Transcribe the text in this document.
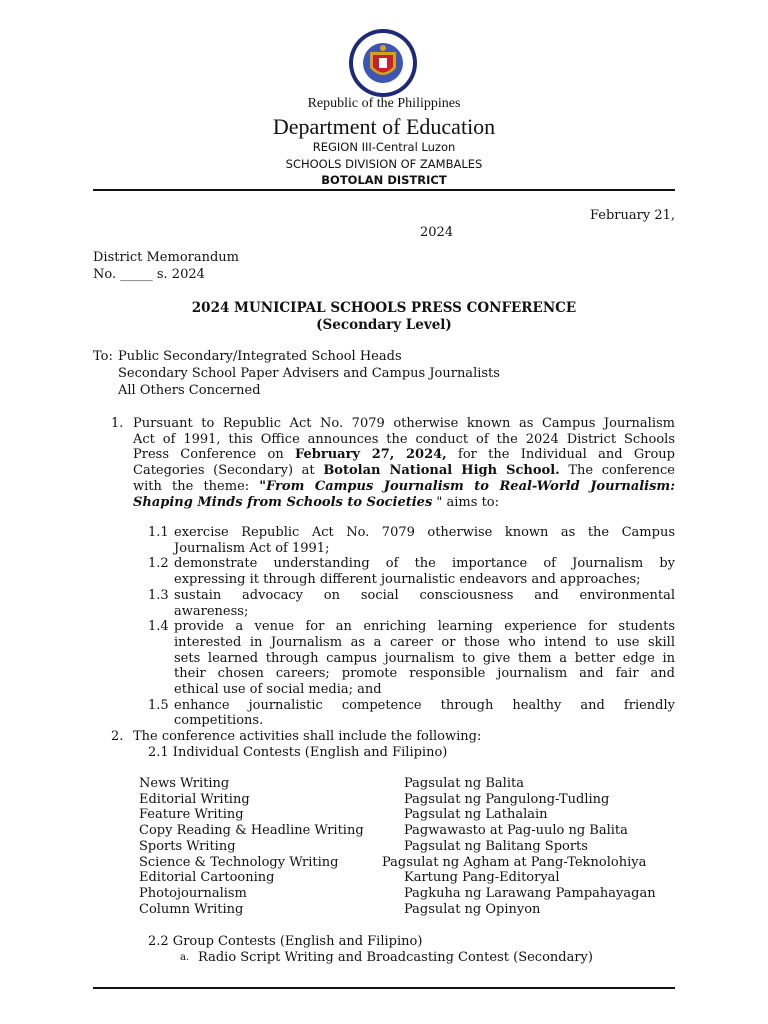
Republic of the Philippines
Department of Education
REGION III-Central Luzon
SCHOOLS DIVISION OF ZAMBALES
BOTOLAN DISTRICT
February 21,
2024
District Memorandum
No. _____ s. 2024
2024 MUNICIPAL SCHOOLS PRESS CONFERENCE
(Secondary Level)
To: Public Secondary/Integrated School Heads
Secondary School Paper Advisers and Campus Journalists
All Others Concerned
1. Pursuant to Republic Act No. 7079 otherwise known as Campus Journalism
Act of 1991, this Office announces the conduct of the 2024 District Schools
Press Conference on February 27, 2024, for the Individual and Group
Categories (Secondary) at Botolan National High School. The conference
with the theme: "From Campus Journalism to Real-World Journalism:
Shaping Minds from Schools to Societies " aims to:
1.1 exercise Republic Act No. 7079 otherwise known as the Campus
Journalism Act of 1991;
1.2 demonstrate understanding of the importance of Journalism by
expressing it through different journalistic endeavors and approaches;
1.3 sustain advocacy on social consciousness and environmental
awareness;
1.4 provide a venue for an enriching learning experience for students
interested in Journalism as a career or those who intend to use skill
sets learned through campus journalism to give them a better edge in
their chosen careers; promote responsible journalism and fair and
ethical use of social media; and
1.5 enhance journalistic competence through healthy and friendly
competitions.
2. The conference activities shall include the following:
2.1 Individual Contests (English and Filipino)
News Writing
Editorial Writing
Feature Writing
Copy Reading & Headline Writing
Sports Writing
Science & Technology Writing
Editorial Cartooning
Photojournalism
Column Writing
Pagsulat ng Balita
Pagsulat ng Pangulong-Tudling
Pagsulat ng Lathalain
Pagwawasto at Pag-uulo ng Balita
Pagsulat ng Balitang Sports
Pagsulat ng Agham at Pang-Teknolohiya
Kartung Pang-Editoryal
Pagkuha ng Larawang Pampahayagan
Pagsulat ng Opinyon
2.2 Group Contests (English and Filipino)
a. Radio Script Writing and Broadcasting Contest (Secondary)
